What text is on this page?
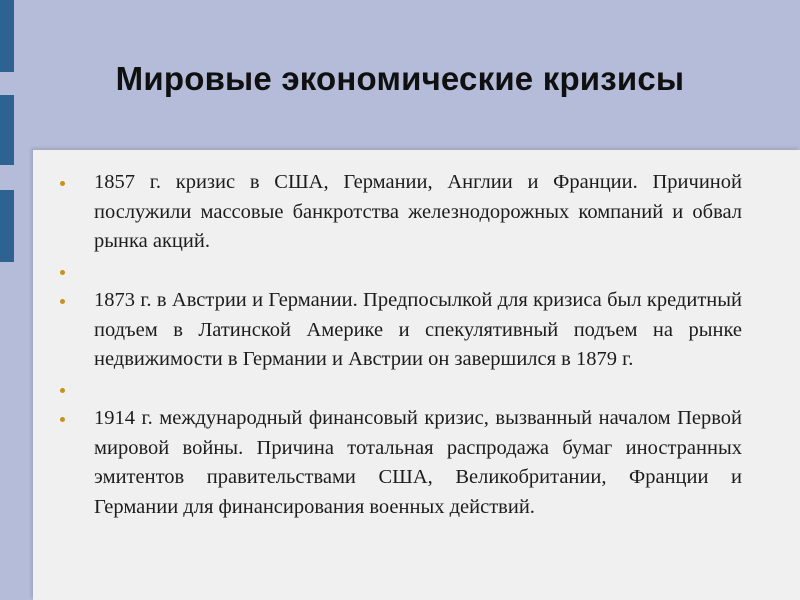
Мировые экономические кризисы
1857 г. кризис в США, Германии, Англии и Франции. Причиной послужили массовые банкротства железнодорожных компаний и обвал рынка акций.
1873 г. в Австрии и Германии. Предпосылкой для кризиса был кредитный подъем в Латинской Америке и спекулятивный подъем на рынке недвижимости в Германии и Австрии он завершился в 1879 г.
1914 г. международный финансовый кризис, вызванный началом Первой мировой войны. Причина тотальная распродажа бумаг иностранных эмитентов правительствами США, Великобритании, Франции и Германии для финансирования военных действий.
